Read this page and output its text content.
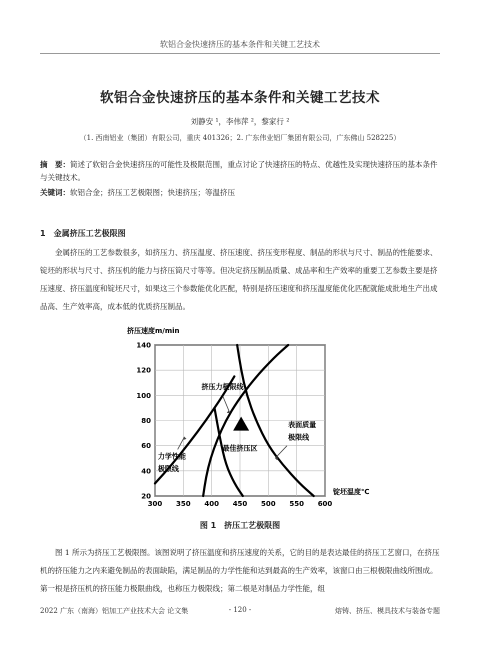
软铝合金快速挤压的基本条件和关键工艺技术
软铝合金快速挤压的基本条件和关键工艺技术
刘静安 ¹，李伟萍 ²，黎家行 ²
（1. 西南铝业（集团）有限公司，重庆 401326；2. 广东伟业铝厂集团有限公司，广东佛山 528225）
摘　要：简述了软铝合金快速挤压的可能性及极限范围，重点讨论了快速挤压的特点、优越性及实现快速挤压的基本条件与关键技术。
关键词：软铝合金；挤压工艺极限图；快速挤压；等温挤压
1　金属挤压工艺极限图
金属挤压的工艺参数很多，如挤压力、挤压温度、挤压速度、挤压变形程度、制品的形状与尺寸、制品的性能要求、锭坯的形状与尺寸、挤压机的能力与挤压筒尺寸等等。但决定挤压制品质量、成品率和生产效率的重要工艺参数主要是挤压速度、挤压温度和锭坯尺寸，如果这三个参数能优化匹配，特别是挤压速度和挤压温度能优化匹配就能成批地生产出成品高、生产效率高，成本低的优质挤压制品。
300 350 400 450 500 550 600
20
40
60
80
100
120
140
挤压速度m/min
锭坯温度℃
挤压力极限线
力学性能
极限线
表面质量
极限线
最佳挤压区
图 1　挤压工艺极限图
图 1 所示为挤压工艺极限图。该图说明了挤压温度和挤压速度的关系，它的目的是表达最佳的挤压工艺窗口，在挤压机的挤压能力之内来避免制品的表面缺陷，满足制品的力学性能和达到最高的生产效率，该窗口由三根极限曲线所围成。第一根是挤压机的挤压能力极限曲线，也称压力极限线；第二根是对制品力学性能，组
2022 广东（南海）铝加工产业技术大会 论文集	- 120 -	熔铸、挤压、模具技术与装备专题
